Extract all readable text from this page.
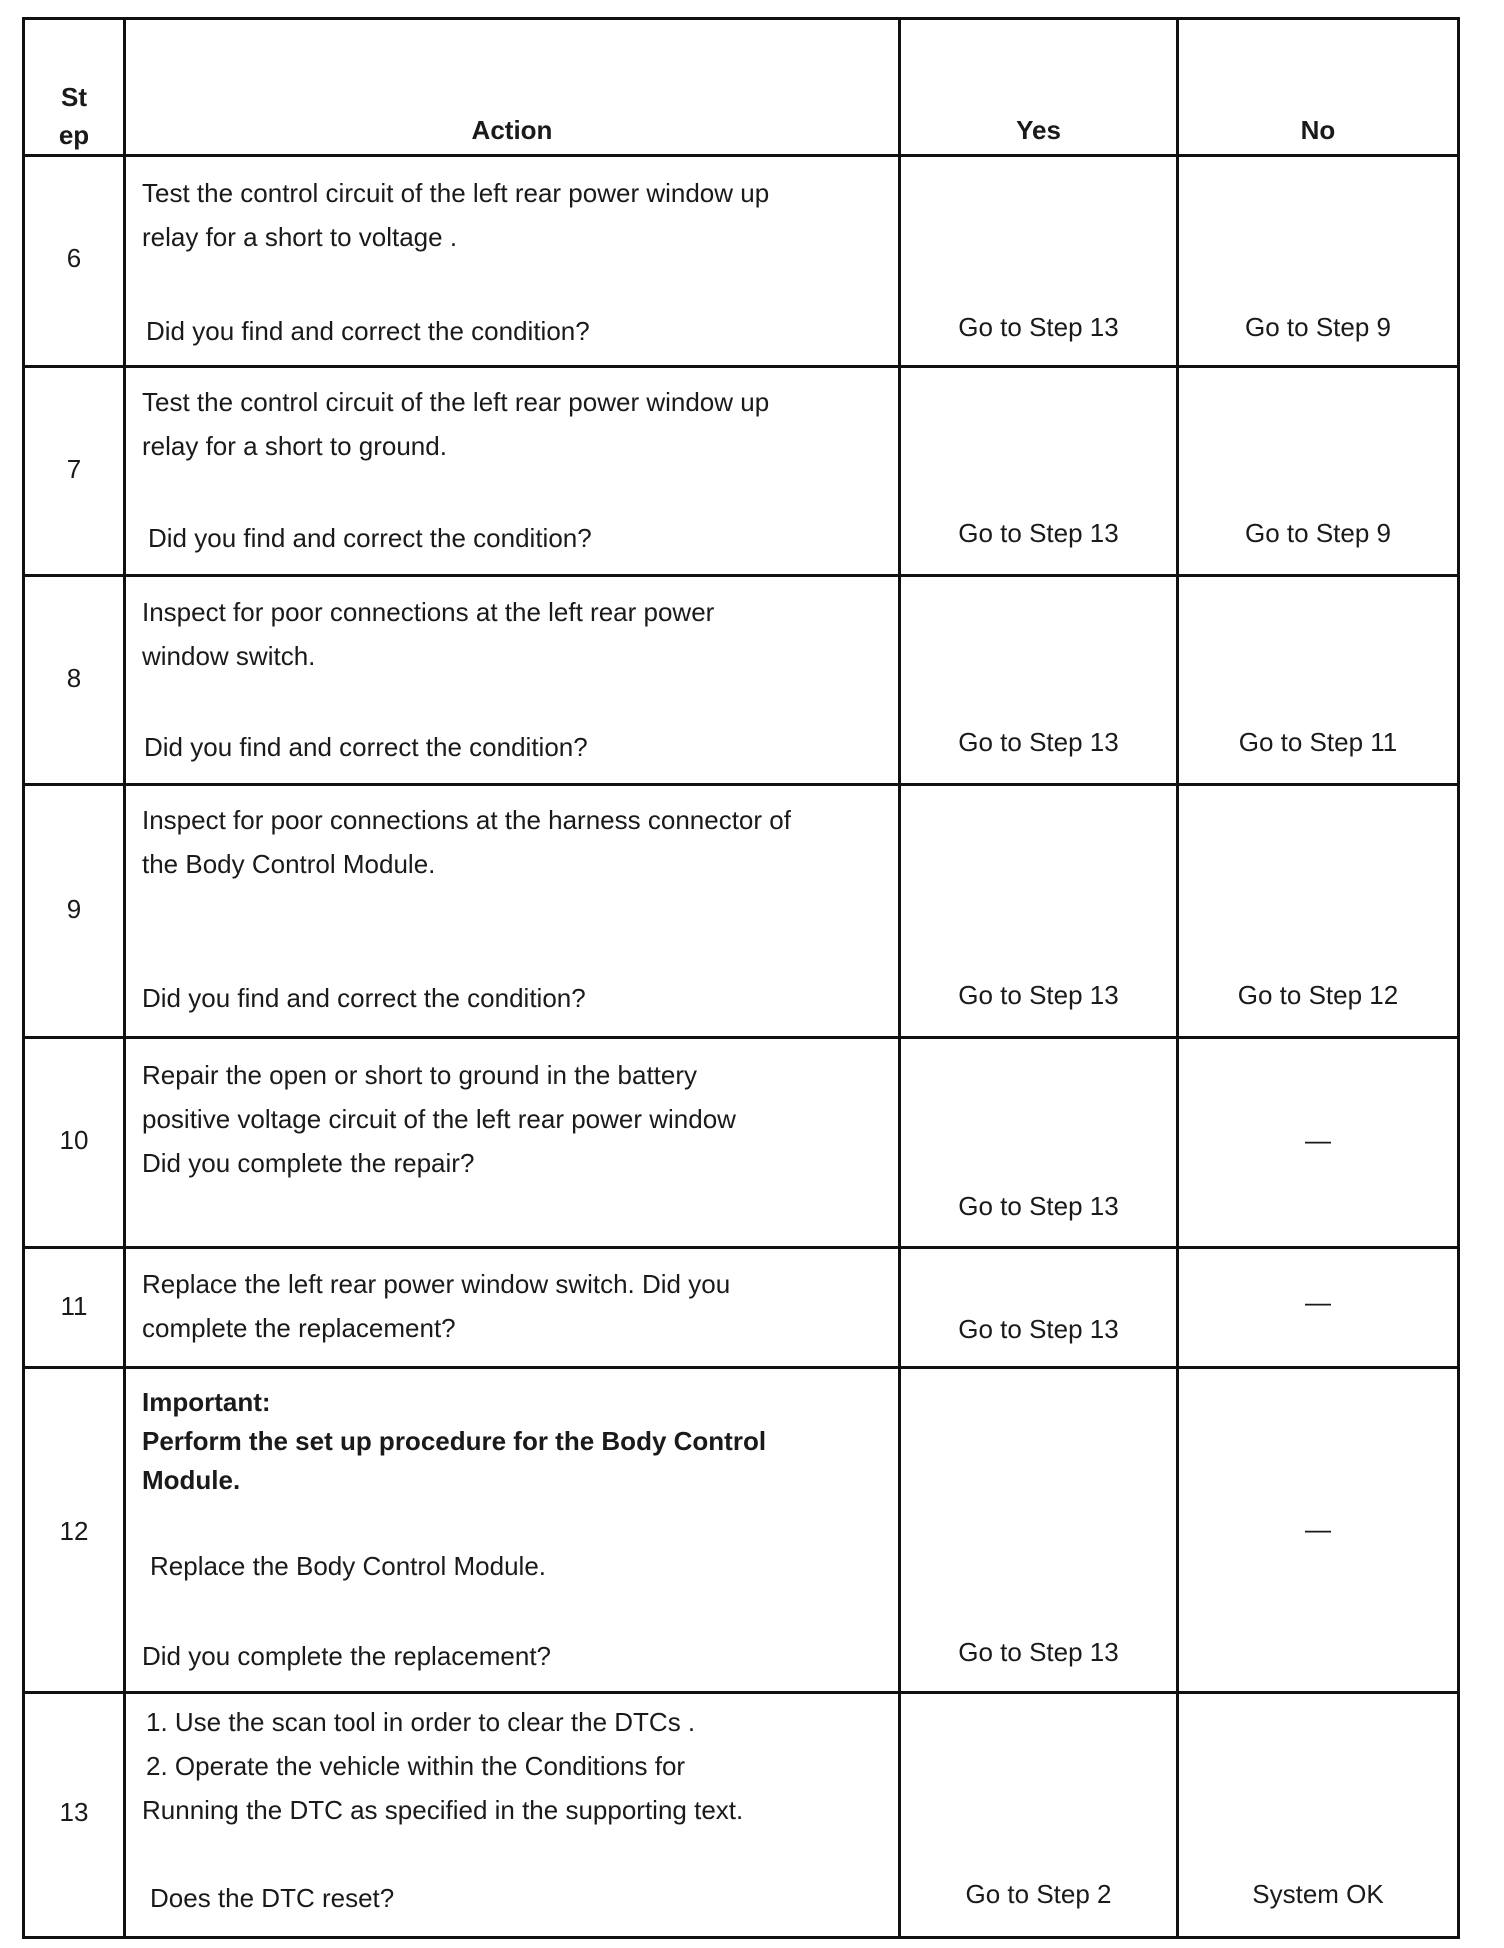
St
ep	Action	Yes	No

6	Test the control circuit of the left rear power window up
relay for a short to voltage .
Did you find and correct the condition?	Go to Step 13	Go to Step 9

7	Test the control circuit of the left rear power window up
relay for a short to ground.
Did you find and correct the condition?	Go to Step 13	Go to Step 9

8	Inspect for poor connections at the left rear power
window switch.
Did you find and correct the condition?	Go to Step 13	Go to Step 11

9	Inspect for poor connections at the harness connector of
the Body Control Module.
Did you find and correct the condition?	Go to Step 13	Go to Step 12

10	Repair the open or short to ground in the battery
positive voltage circuit of the left rear power window
Did you complete the repair?	Go to Step 13	—

11	Replace the left rear power window switch. Did you
complete the replacement?	Go to Step 13	—

12	Important:
Perform the set up procedure for the Body Control
Module.
Replace the Body Control Module.
Did you complete the replacement?	Go to Step 13	—

13	1. Use the scan tool in order to clear the DTCs .
2. Operate the vehicle within the Conditions for
Running the DTC as specified in the supporting text.
Does the DTC reset?	Go to Step 2	System OK
